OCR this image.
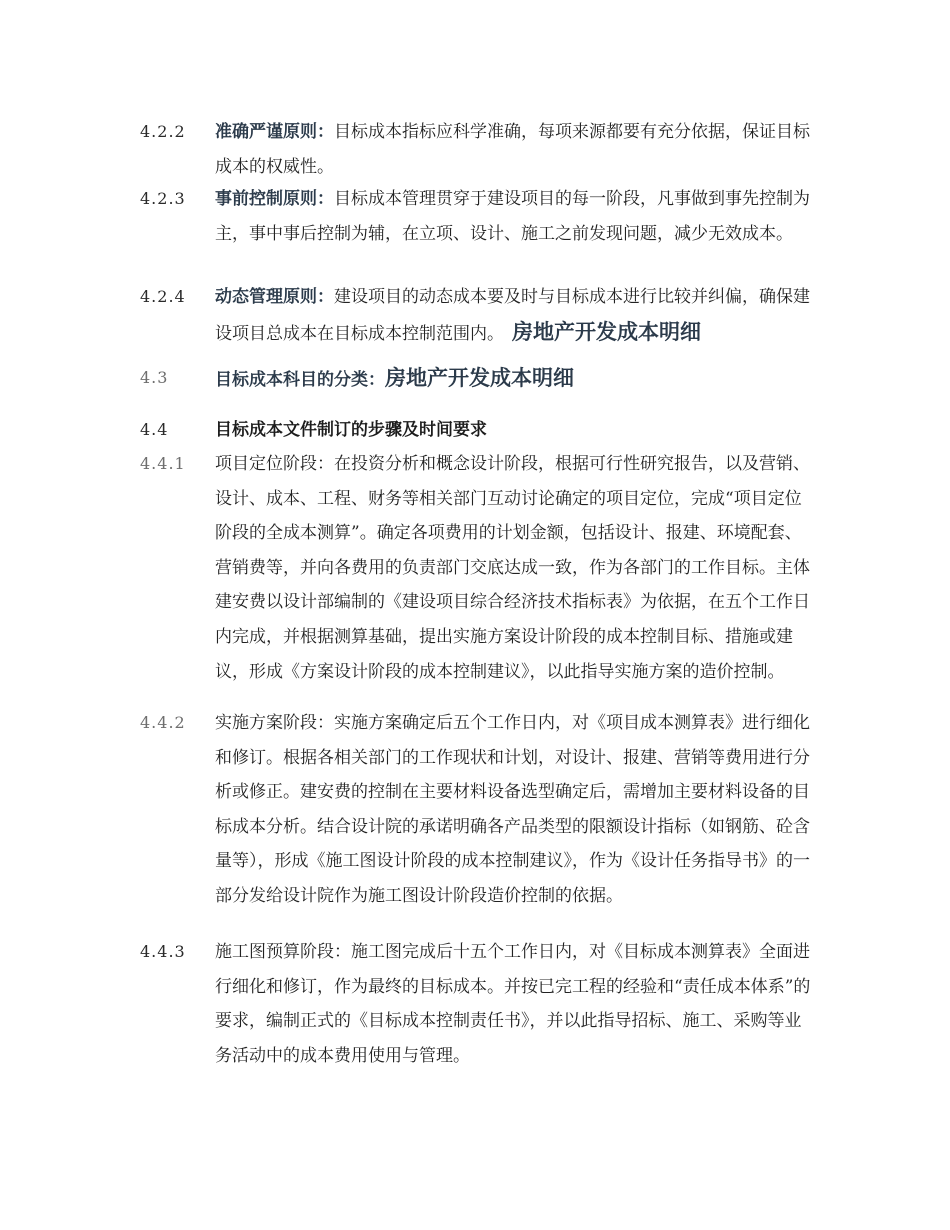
4.2.2	准确严谨原则：目标成本指标应科学准确，每项来源都要有充分依据，保证目标成本的权威性。
4.2.3	事前控制原则：目标成本管理贯穿于建设项目的每一阶段，凡事做到事先控制为主，事中事后控制为辅，在立项、设计、施工之前发现问题，减少无效成本。
4.2.4	动态管理原则：建设项目的动态成本要及时与目标成本进行比较并纠偏，确保建设项目总成本在目标成本控制范围内。 房地产开发成本明细
4.3	目标成本科目的分类：房地产开发成本明细
4.4	目标成本文件制订的步骤及时间要求
4.4.1	项目定位阶段：在投资分析和概念设计阶段，根据可行性研究报告，以及营销、设计、成本、工程、财务等相关部门互动讨论确定的项目定位，完成“项目定位阶段的全成本测算”。确定各项费用的计划金额，包括设计、报建、环境配套、营销费等，并向各费用的负责部门交底达成一致，作为各部门的工作目标。主体建安费以设计部编制的《建设项目综合经济技术指标表》为依据，在五个工作日内完成，并根据测算基础，提出实施方案设计阶段的成本控制目标、措施或建议，形成《方案设计阶段的成本控制建议》，以此指导实施方案的造价控制。
4.4.2	实施方案阶段：实施方案确定后五个工作日内，对《项目成本测算表》进行细化和修订。根据各相关部门的工作现状和计划，对设计、报建、营销等费用进行分析或修正。建安费的控制在主要材料设备选型确定后，需增加主要材料设备的目标成本分析。结合设计院的承诺明确各产品类型的限额设计指标（如钢筋、砼含量等），形成《施工图设计阶段的成本控制建议》，作为《设计任务指导书》的一部分发给设计院作为施工图设计阶段造价控制的依据。
4.4.3	施工图预算阶段：施工图完成后十五个工作日内，对《目标成本测算表》全面进行细化和修订，作为最终的目标成本。并按已完工程的经验和“责任成本体系”的要求，编制正式的《目标成本控制责任书》，并以此指导招标、施工、采购等业务活动中的成本费用使用与管理。
